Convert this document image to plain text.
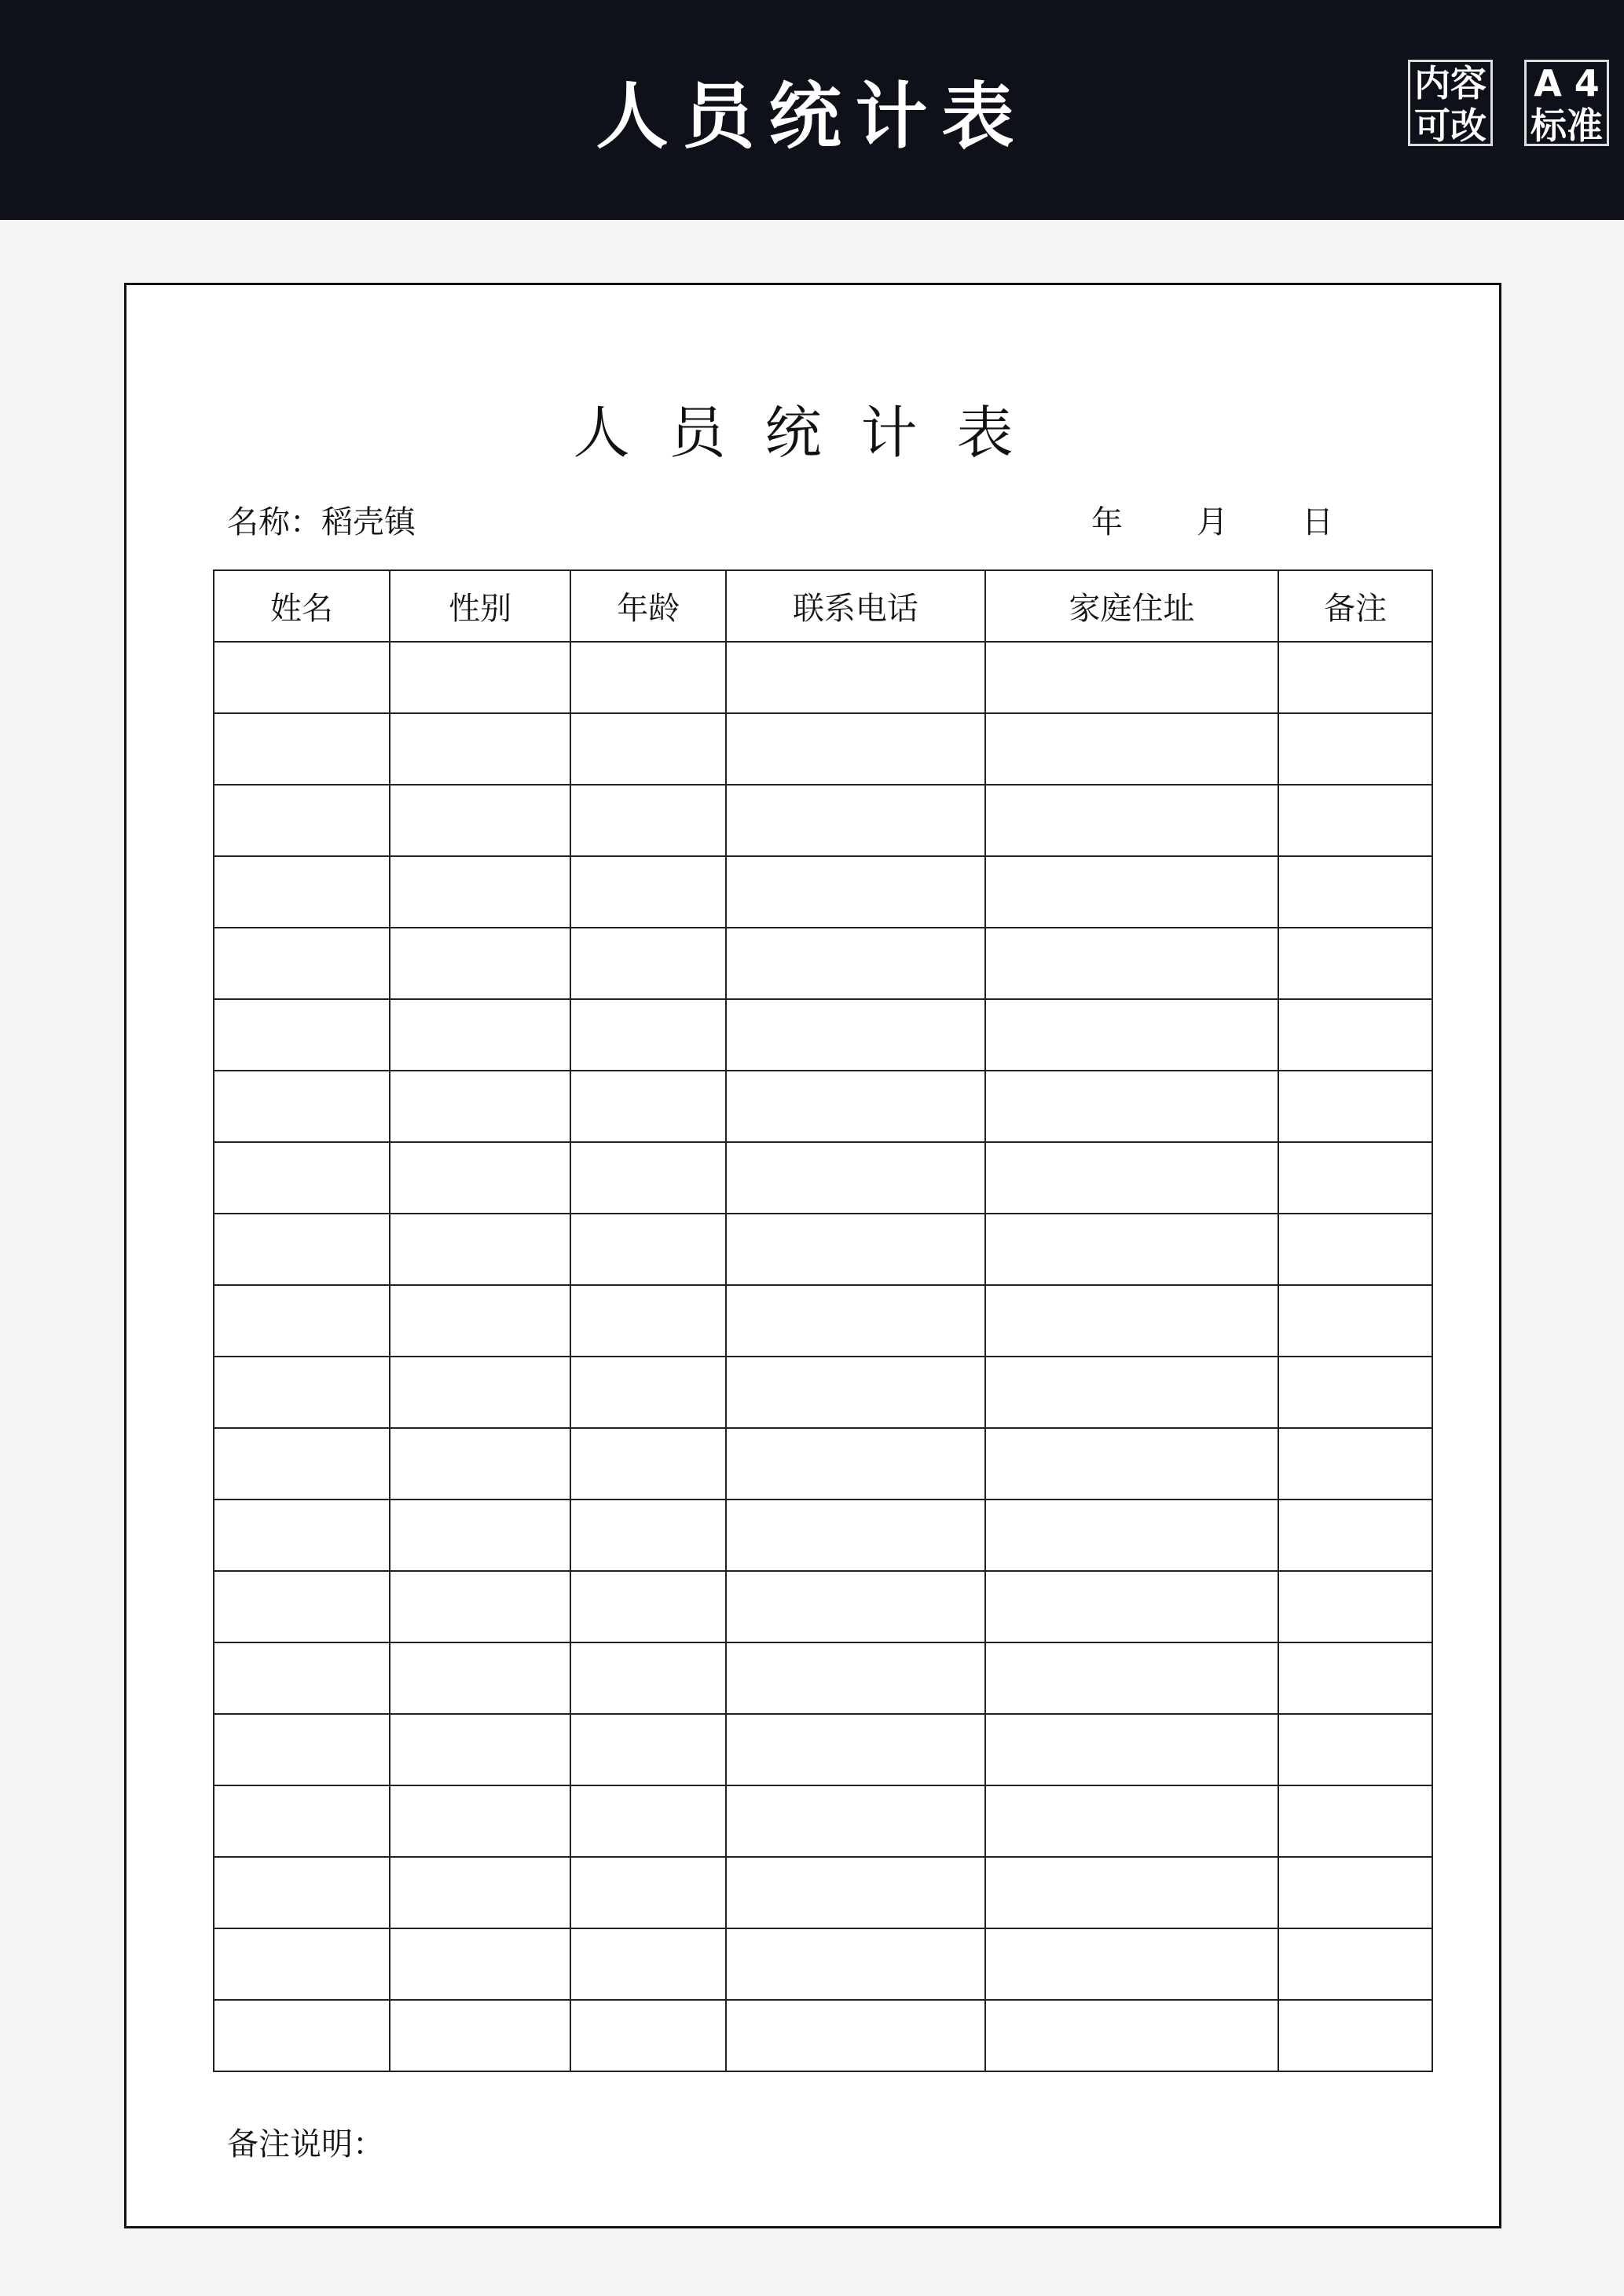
人员统计表	内容
可改
A 4
标准
人员统计表
名称：稻壳镇	年 月 日
姓名	性别	年龄	联系电话	家庭住址	备注

备注说明：
